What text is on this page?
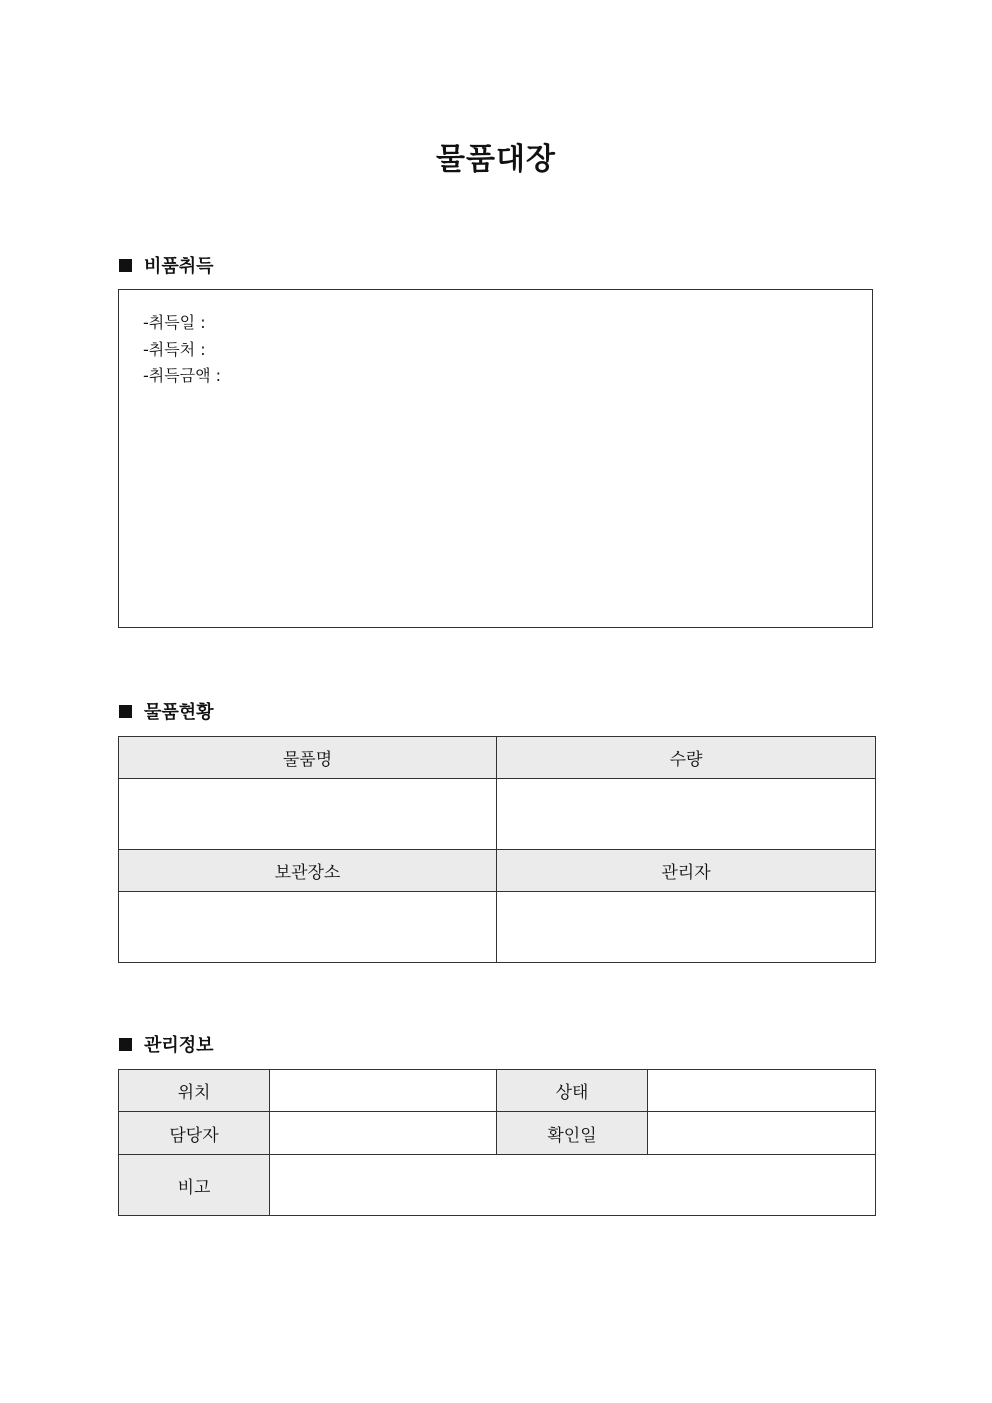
물품대장
비품취득
-취득일 :
-취득처 :
-취득금액 :
물품현황
물품명	수량

보관장소	관리자

관리정보
위치		상태	
담당자		확인일	
비고			
